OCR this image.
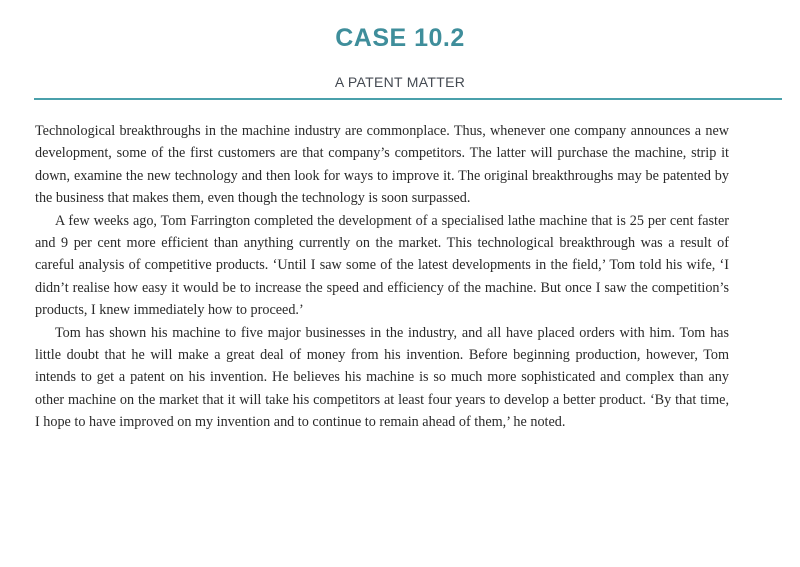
CASE 10.2
A PATENT MATTER

Technological breakthroughs in the machine industry are commonplace. Thus, whenever one company announces a new development, some of the first customers are that company’s competitors. The latter will purchase the machine, strip it down, examine the new technology and then look for ways to improve it. The original breakthroughs may be patented by the business that makes them, even though the technology is soon surpassed.

A few weeks ago, Tom Farrington completed the development of a specialised lathe machine that is 25 per cent faster and 9 per cent more efficient than anything currently on the market. This technological breakthrough was a result of careful analysis of competitive products. ‘Until I saw some of the latest developments in the field,’ Tom told his wife, ‘I didn’t realise how easy it would be to increase the speed and efficiency of the machine. But once I saw the competition’s products, I knew immediately how to proceed.’

Tom has shown his machine to five major businesses in the industry, and all have placed orders with him. Tom has little doubt that he will make a great deal of money from his invention. Before beginning production, however, Tom intends to get a patent on his invention. He believes his machine is so much more sophisticated and complex than any other machine on the market that it will take his competitors at least four years to develop a better product. ‘By that time, I hope to have improved on my invention and to continue to remain ahead of them,’ he noted.
